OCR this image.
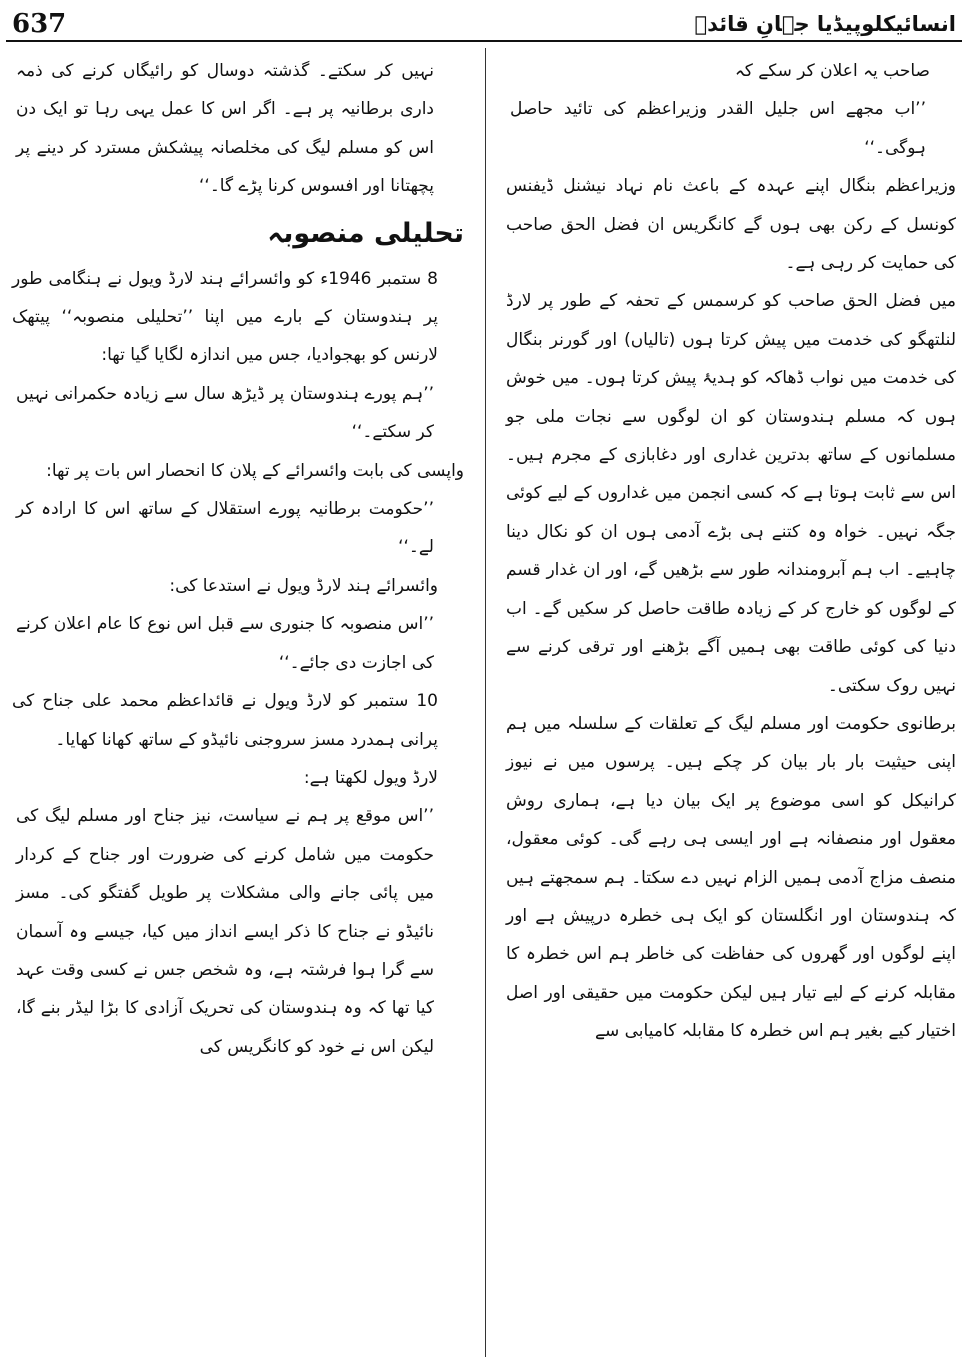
637	انسائیکلوپیڈیا جہانِ قائدؒ

صاحب یہ اعلان کر سکے کہ

’’اب مجھے اس جلیل القدر وزیراعظم کی تائید حاصل ہوگی۔‘‘

وزیراعظم بنگال اپنے عہدہ کے باعث نام نہاد نیشنل ڈیفنس کونسل کے رکن بھی ہوں گے کانگریس ان فضل الحق صاحب کی حمایت کر رہی ہے۔

میں فضل الحق صاحب کو کرسمس کے تحفہ کے طور پر لارڈ لنلتھگو کی خدمت میں پیش کرتا ہوں (تالیاں) اور گورنر بنگال کی خدمت میں نواب ڈھاکہ کو ہدیۂ پیش کرتا ہوں۔ میں خوش ہوں کہ مسلم ہندوستان کو ان لوگوں سے نجات ملی جو مسلمانوں کے ساتھ بدترین غداری اور دغابازی کے مجرم ہیں۔ اس سے ثابت ہوتا ہے کہ کسی انجمن میں غداروں کے لیے کوئی جگہ نہیں۔ خواہ وہ کتنے ہی بڑے آدمی ہوں ان کو نکال دینا چاہیے۔ اب ہم آبرومندانہ طور سے بڑھیں گے، اور ان غدار قسم کے لوگوں کو خارج کر کے زیادہ طاقت حاصل کر سکیں گے۔ اب دنیا کی کوئی طاقت بھی ہمیں آگے بڑھنے اور ترقی کرنے سے نہیں روک سکتی۔

برطانوی حکومت اور مسلم لیگ کے تعلقات کے سلسلہ میں ہم اپنی حیثیت بار بار بیان کر چکے ہیں۔ پرسوں میں نے نیوز کرانیکل کو اسی موضوع پر ایک بیان دیا ہے، ہماری روش معقول اور منصفانہ ہے اور ایسی ہی رہے گی۔ کوئی معقول، منصف مزاج آدمی ہمیں الزام نہیں دے سکتا۔ ہم سمجھتے ہیں کہ ہندوستان اور انگلستان کو ایک ہی خطرہ درپیش ہے اور اپنے لوگوں اور گھروں کی حفاظت کی خاطر ہم اس خطرہ کا مقابلہ کرنے کے لیے تیار ہیں لیکن حکومت میں حقیقی اور اصل اختیار کیے بغیر ہم اس خطرہ کا مقابلہ کامیابی سے

نہیں کر سکتے۔ گذشتہ دوسال کو رائیگاں کرنے کی ذمہ داری برطانیہ پر ہے۔ اگر اس کا عمل یہی رہا تو ایک دن اس کو مسلم لیگ کی مخلصانہ پیشکش مسترد کر دینے پر پچھتانا اور افسوس کرنا پڑے گا۔‘‘

تحلیلی منصوبہ

8 ستمبر 1946ء کو وائسرائے ہند لارڈ ویول نے ہنگامی طور پر ہندوستان کے بارے میں اپنا ’’تحلیلی منصوبہ‘‘ پیتھک لارنس کو بھجوادیا، جس میں اندازہ لگایا گیا تھا:

’’ہم پورے ہندوستان پر ڈیڑھ سال سے زیادہ حکمرانی نہیں کر سکتے۔‘‘

واپسی کی بابت وائسرائے کے پلان کا انحصار اس بات پر تھا:

’’حکومت برطانیہ پورے استقلال کے ساتھ اس کا ارادہ کر لے۔‘‘

وائسرائے ہند لارڈ ویول نے استدعا کی:

’’اس منصوبہ کا جنوری سے قبل اس نوع کا عام اعلان کرنے کی اجازت دی جائے۔‘‘

10 ستمبر کو لارڈ ویول نے قائداعظم محمد علی جناح کی پرانی ہمدرد مسز سروجنی نائیڈو کے ساتھ کھانا کھایا۔

لارڈ ویول لکھتا ہے:

’’اس موقع پر ہم نے سیاست، نیز جناح اور مسلم لیگ کی حکومت میں شامل کرنے کی ضرورت اور جناح کے کردار میں پائی جانے والی مشکلات پر طویل گفتگو کی۔ مسز نائیڈو نے جناح کا ذکر ایسے انداز میں کیا، جیسے وہ آسمان سے گرا ہوا فرشتہ ہے، وہ شخص جس نے کسی وقت عہد کیا تھا کہ وہ ہندوستان کی تحریک آزادی کا بڑا لیڈر بنے گا، لیکن اس نے خود کو کانگریس کی
